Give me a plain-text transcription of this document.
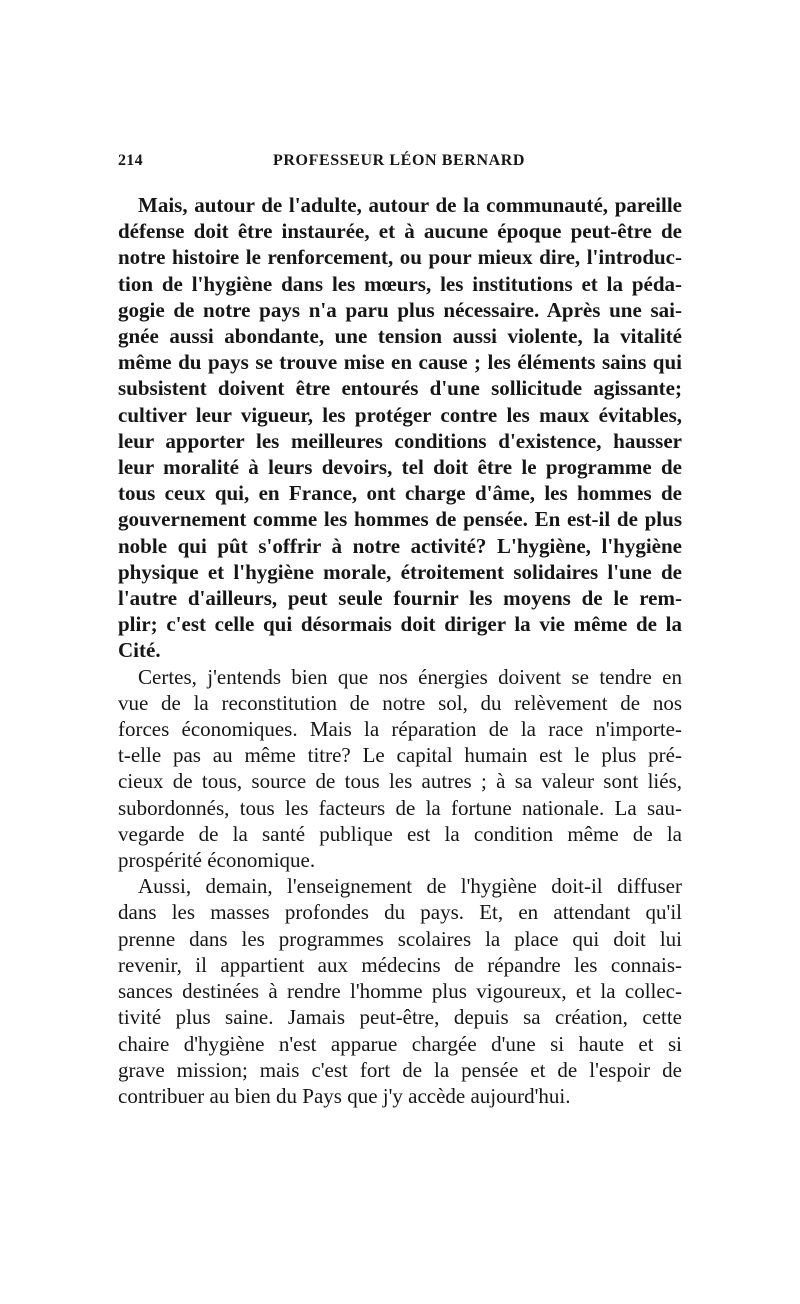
214	PROFESSEUR LÉON BERNARD
Mais, autour de l'adulte, autour de la communauté, pareille
défense doit être instaurée, et à aucune époque peut-être de
notre histoire le renforcement, ou pour mieux dire, l'introduc-
tion de l'hygiène dans les mœurs, les institutions et la péda-
gogie de notre pays n'a paru plus nécessaire. Après une sai-
gnée aussi abondante, une tension aussi violente, la vitalité
même du pays se trouve mise en cause ; les éléments sains qui
subsistent doivent être entourés d'une sollicitude agissante;
cultiver leur vigueur, les protéger contre les maux évitables,
leur apporter les meilleures conditions d'existence, hausser
leur moralité à leurs devoirs, tel doit être le programme de
tous ceux qui, en France, ont charge d'âme, les hommes de
gouvernement comme les hommes de pensée. En est-il de plus
noble qui pût s'offrir à notre activité? L'hygiène, l'hygiène
physique et l'hygiène morale, étroitement solidaires l'une de
l'autre d'ailleurs, peut seule fournir les moyens de le rem-
plir; c'est celle qui désormais doit diriger la vie même de la
Cité.
Certes, j'entends bien que nos énergies doivent se tendre en
vue de la reconstitution de notre sol, du relèvement de nos
forces économiques. Mais la réparation de la race n'importe-
t-elle pas au même titre? Le capital humain est le plus pré-
cieux de tous, source de tous les autres ; à sa valeur sont liés,
subordonnés, tous les facteurs de la fortune nationale. La sau-
vegarde de la santé publique est la condition même de la
prospérité économique.
Aussi, demain, l'enseignement de l'hygiène doit-il diffuser
dans les masses profondes du pays. Et, en attendant qu'il
prenne dans les programmes scolaires la place qui doit lui
revenir, il appartient aux médecins de répandre les connais-
sances destinées à rendre l'homme plus vigoureux, et la collec-
tivité plus saine. Jamais peut-être, depuis sa création, cette
chaire d'hygiène n'est apparue chargée d'une si haute et si
grave mission; mais c'est fort de la pensée et de l'espoir de
contribuer au bien du Pays que j'y accède aujourd'hui.
